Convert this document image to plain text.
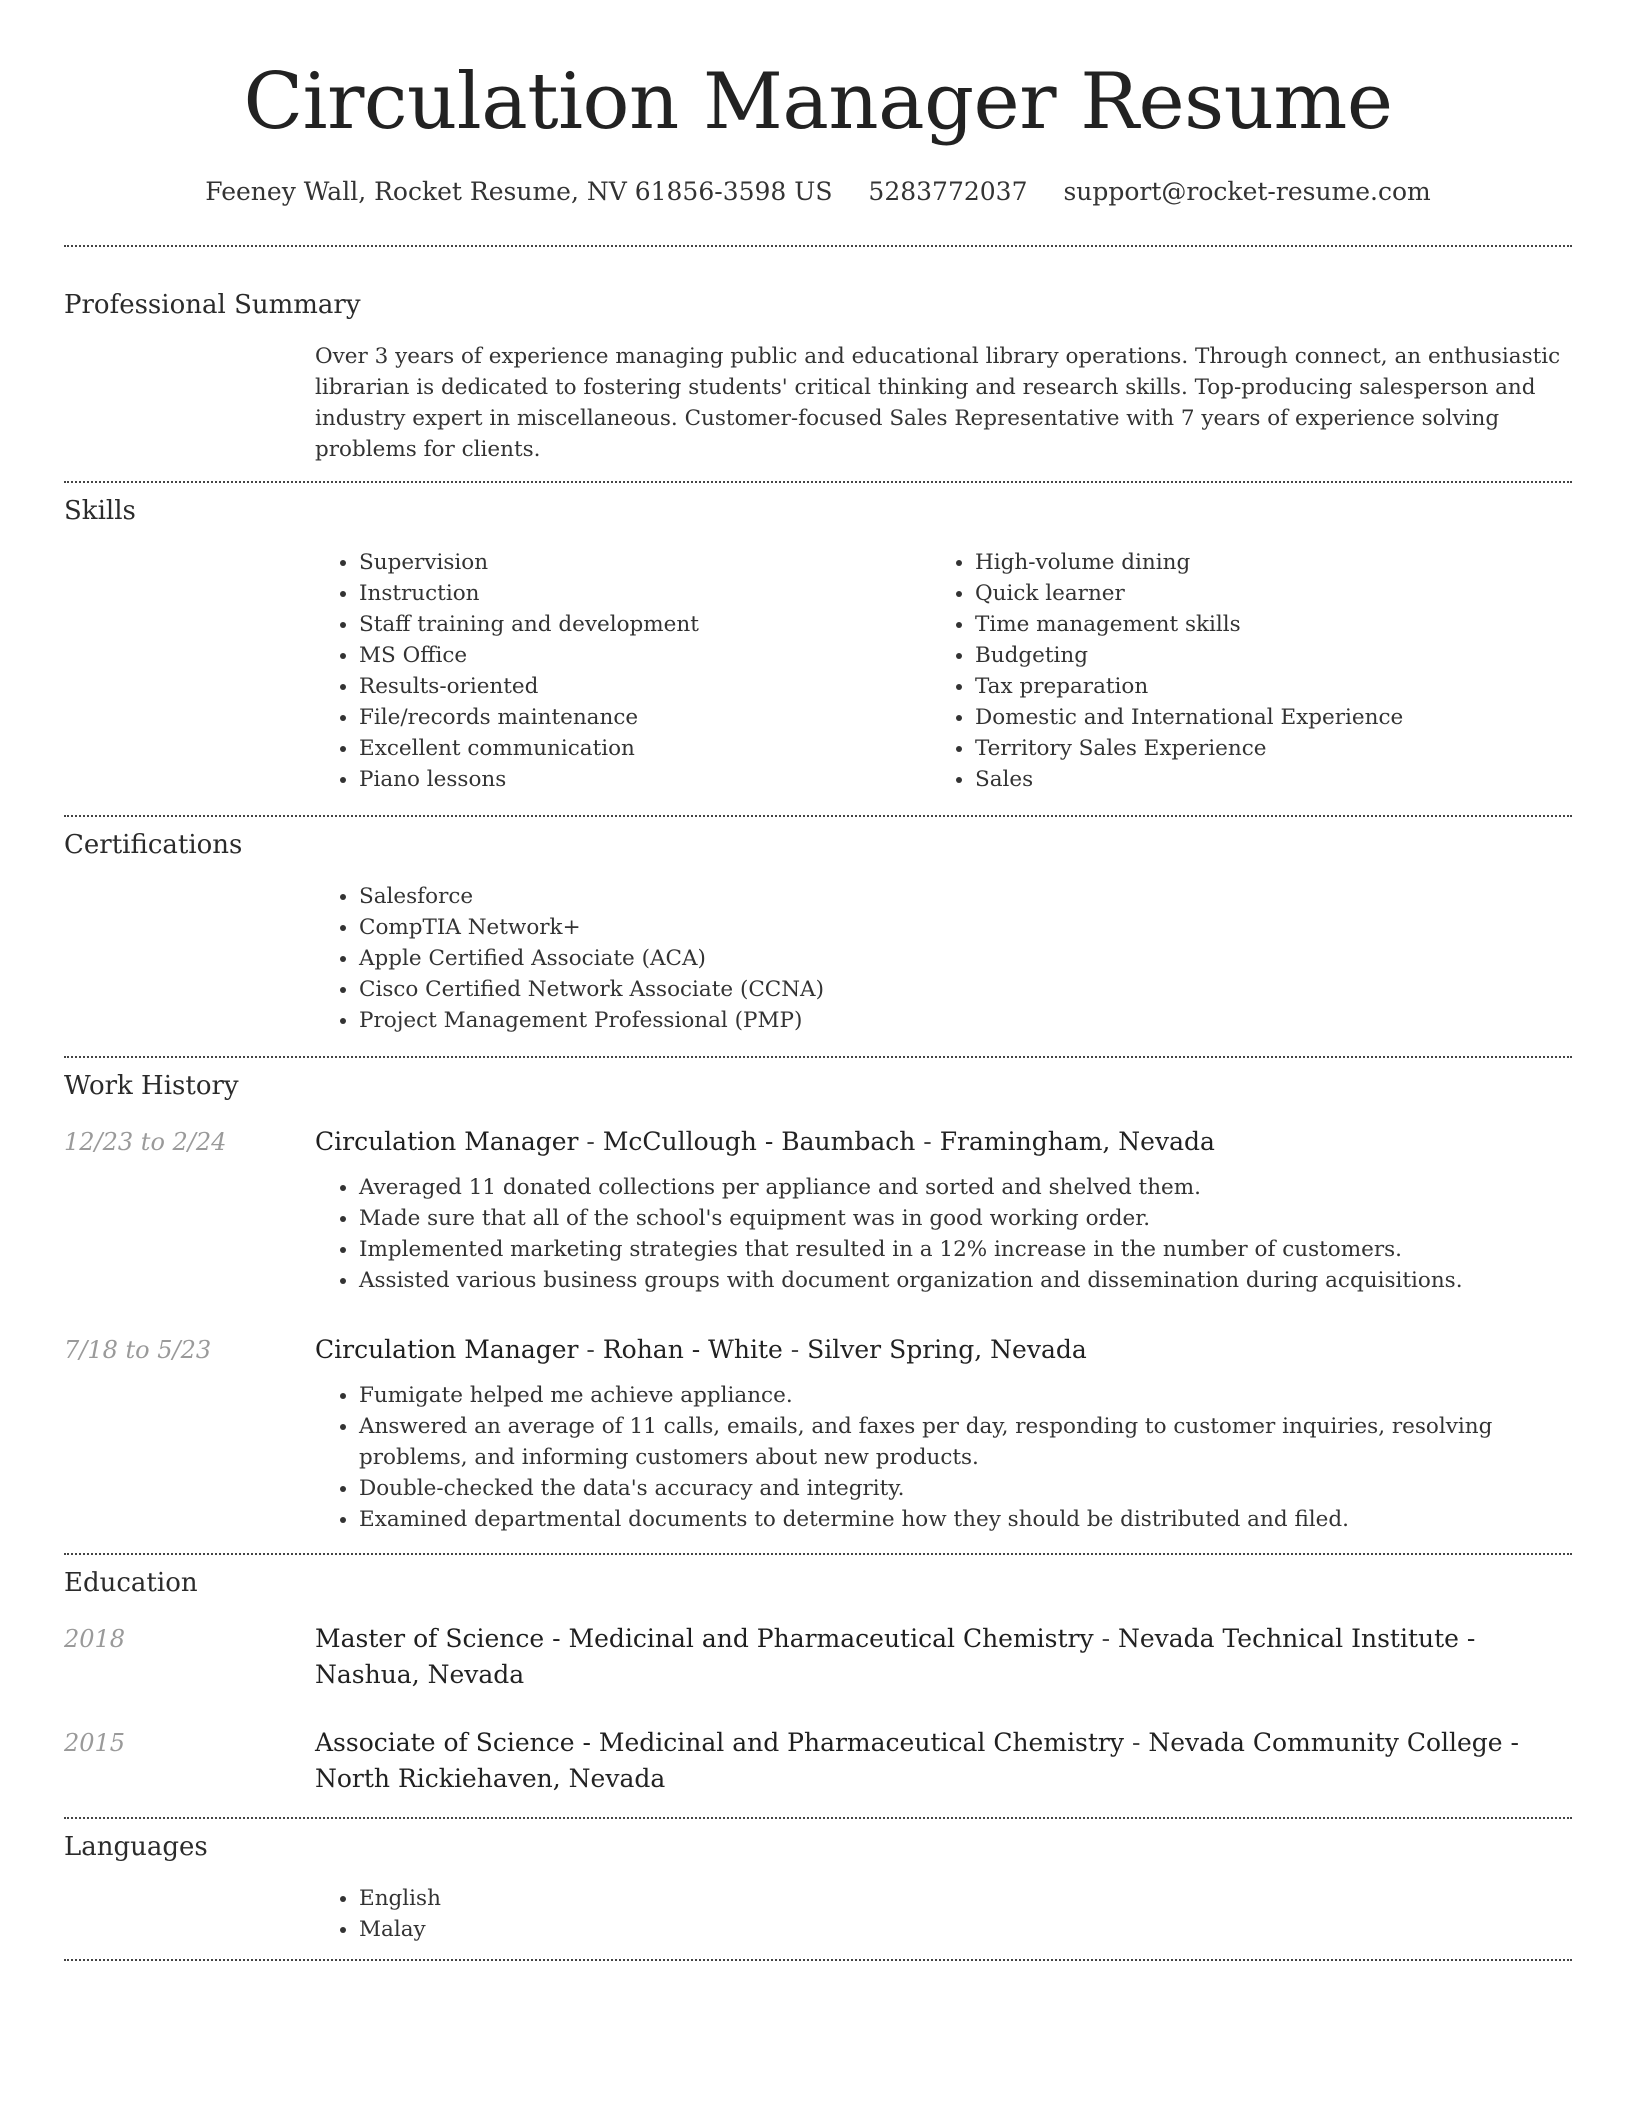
Circulation Manager Resume
Feeney Wall, Rocket Resume, NV 61856-3598 US 5283772037 support@rocket-resume.com
Professional Summary
Over 3 years of experience managing public and educational library operations. Through connect, an enthusiastic librarian is dedicated to fostering students' critical thinking and research skills. Top-producing salesperson and industry expert in miscellaneous. Customer-focused Sales Representative with 7 years of experience solving problems for clients.
Skills
• Supervision
• Instruction
• Staff training and development
• MS Office
• Results-oriented
• File/records maintenance
• Excellent communication
• Piano lessons
• High-volume dining
• Quick learner
• Time management skills
• Budgeting
• Tax preparation
• Domestic and International Experience
• Territory Sales Experience
• Sales
Certifications
• Salesforce
• CompTIA Network+
• Apple Certified Associate (ACA)
• Cisco Certified Network Associate (CCNA)
• Project Management Professional (PMP)
Work History
12/23 to 2/24	Circulation Manager - McCullough - Baumbach - Framingham, Nevada
• Averaged 11 donated collections per appliance and sorted and shelved them.
• Made sure that all of the school's equipment was in good working order.
• Implemented marketing strategies that resulted in a 12% increase in the number of customers.
• Assisted various business groups with document organization and dissemination during acquisitions.
7/18 to 5/23	Circulation Manager - Rohan - White - Silver Spring, Nevada
• Fumigate helped me achieve appliance.
• Answered an average of 11 calls, emails, and faxes per day, responding to customer inquiries, resolving problems, and informing customers about new products.
• Double-checked the data's accuracy and integrity.
• Examined departmental documents to determine how they should be distributed and filed.
Education
2018	Master of Science - Medicinal and Pharmaceutical Chemistry - Nevada Technical Institute - Nashua, Nevada
2015	Associate of Science - Medicinal and Pharmaceutical Chemistry - Nevada Community College - North Rickiehaven, Nevada
Languages
• English
• Malay
